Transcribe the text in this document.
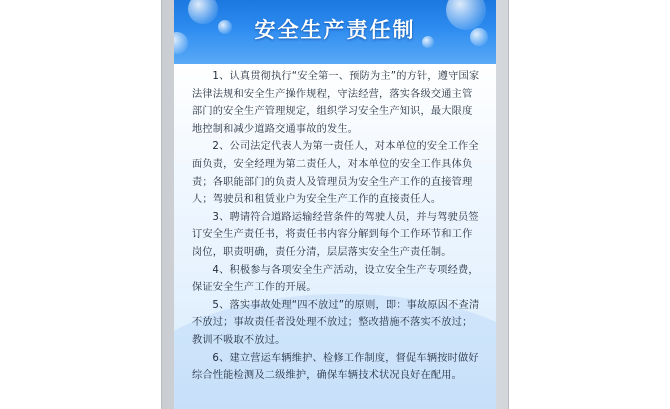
安全生产责任制

1、认真贯彻执行“安全第一、预防为主”的方针，遵守国家法律法规和安全生产操作规程，守法经营，落实各级交通主管部门的安全生产管理规定，组织学习安全生产知识，最大限度地控制和减少道路交通事故的发生。

2、公司法定代表人为第一责任人，对本单位的安全工作全面负责，安全经理为第二责任人，对本单位的安全工作具体负责；各职能部门的负责人及管理员为安全生产工作的直接管理人；驾驶员和租赁业户为安全生产工作的直接责任人。

3、聘请符合道路运输经营条件的驾驶人员，并与驾驶员签订安全生产责任书，将责任书内容分解到每个工作环节和工作岗位，职责明确，责任分清，层层落实安全生产责任制。

4、积极参与各项安全生产活动，设立安全生产专项经费，保证安全生产工作的开展。

5、落实事故处理“四不放过”的原则，即：事故原因不查清不放过；事故责任者没处理不放过；整改措施不落实不放过；教训不吸取不放过。

6、建立营运车辆维护、检修工作制度，督促车辆按时做好综合性能检测及二级维护，确保车辆技术状况良好在配用。
